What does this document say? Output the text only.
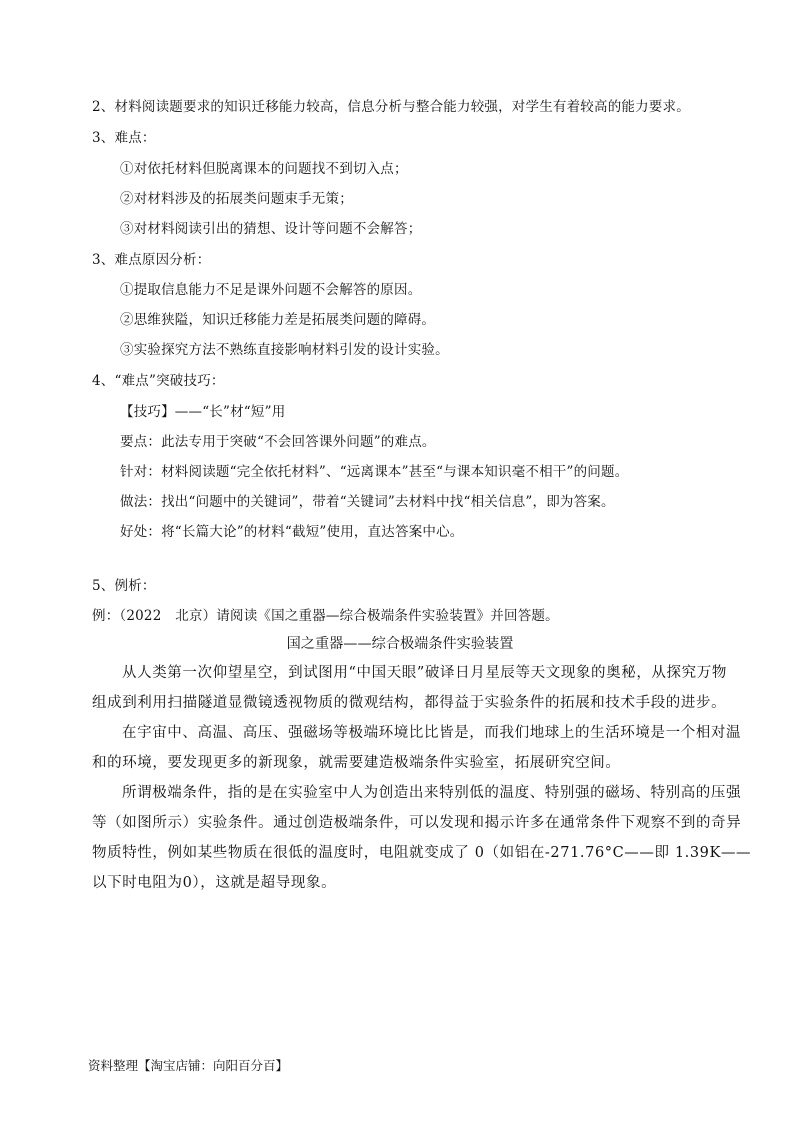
2、材料阅读题要求的知识迁移能力较高，信息分析与整合能力较强，对学生有着较高的能力要求。
3、难点：
①对依托材料但脱离课本的问题找不到切入点；
②对材料涉及的拓展类问题束手无策；
③对材料阅读引出的猜想、设计等问题不会解答；
3、难点原因分析：
①提取信息能力不足是课外问题不会解答的原因。
②思维狭隘，知识迁移能力差是拓展类问题的障碍。
③实验探究方法不熟练直接影响材料引发的设计实验。
4、“难点”突破技巧：
【技巧】——“长”材“短”用
要点：此法专用于突破“不会回答课外问题”的难点。
针对：材料阅读题“完全依托材料”、“远离课本”甚至“与课本知识毫不相干”的问题。
做法：找出“问题中的关键词”，带着“关键词”去材料中找“相关信息”，即为答案。
好处：将“长篇大论”的材料“截短”使用，直达答案中心。
5、例析：
例：（2022　北京）请阅读《国之重器—综合极端条件实验装置》并回答题。
国之重器——综合极端条件实验装置
从人类第一次仰望星空，到试图用“中国天眼”破译日月星辰等天文现象的奥秘，从探究万物
组成到利用扫描隧道显微镜透视物质的微观结构，都得益于实验条件的拓展和技术手段的进步。
在宇宙中、高温、高压、强磁场等极端环境比比皆是，而我们地球上的生活环境是一个相对温
和的环境，要发现更多的新现象，就需要建造极端条件实验室，拓展研究空间。
所谓极端条件，指的是在实验室中人为创造出来特别低的温度、特别强的磁场、特别高的压强
等（如图所示）实验条件。通过创造极端条件，可以发现和揭示许多在通常条件下观察不到的奇异
物质特性，例如某些物质在很低的温度时，电阻就变成了 0（如铝在-271.76°C——即 1.39K——
以下时电阻为0），这就是超导现象。
资料整理【淘宝店铺：向阳百分百】
